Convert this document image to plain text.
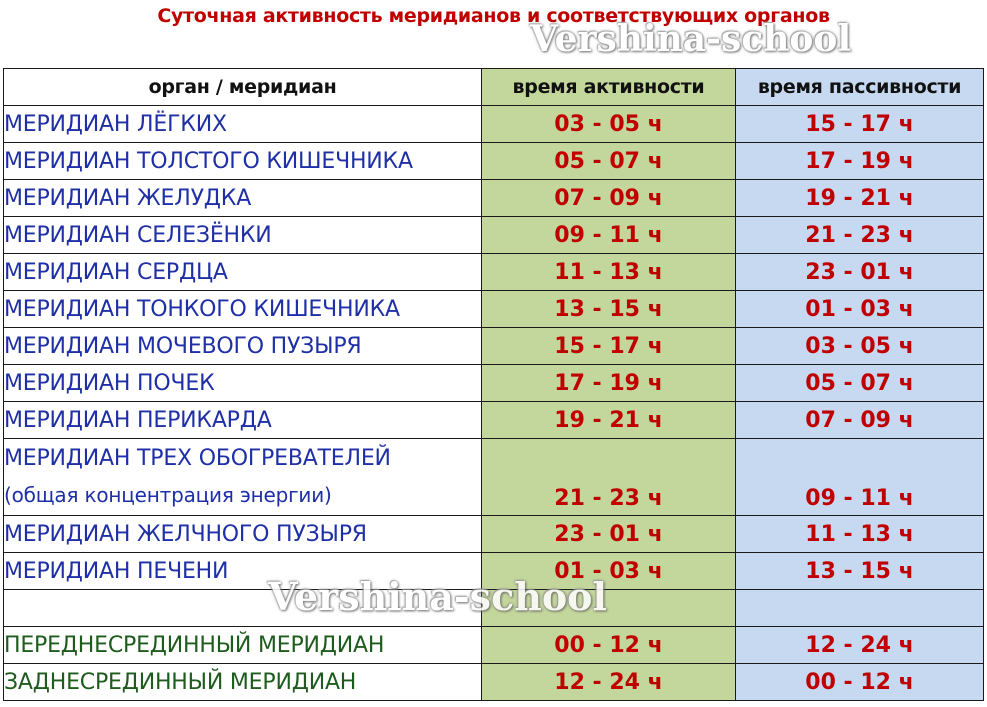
Суточная активность меридианов и соответствующих органов
Vershina-school
орган / меридиан	время активности	время пассивности
МЕРИДИАН ЛЁГКИХ	03 - 05 ч	15 - 17 ч
МЕРИДИАН ТОЛСТОГО КИШЕЧНИКА	05 - 07 ч	17 - 19 ч
МЕРИДИАН ЖЕЛУДКА	07 - 09 ч	19 - 21 ч
МЕРИДИАН СЕЛЕЗЁНКИ	09 - 11 ч	21 - 23 ч
МЕРИДИАН СЕРДЦА	11 - 13 ч	23 - 01 ч
МЕРИДИАН ТОНКОГО КИШЕЧНИКА	13 - 15 ч	01 - 03 ч
МЕРИДИАН МОЧЕВОГО ПУЗЫРЯ	15 - 17 ч	03 - 05 ч
МЕРИДИАН ПОЧЕК	17 - 19 ч	05 - 07 ч
МЕРИДИАН ПЕРИКАРДА	19 - 21 ч	07 - 09 ч
МЕРИДИАН ТРЕХ ОБОГРЕВАТЕЛЕЙ
(общая концентрация энергии)	21 - 23 ч	09 - 11 ч
МЕРИДИАН ЖЕЛЧНОГО ПУЗЫРЯ	23 - 01 ч	11 - 13 ч
МЕРИДИАН ПЕЧЕНИ	01 - 03 ч	13 - 15 ч

ПЕРЕДНЕСРЕДИННЫЙ МЕРИДИАН	00 - 12 ч	12 - 24 ч
ЗАДНЕСРЕДИННЫЙ МЕРИДИАН	12 - 24 ч	00 - 12 ч
Vershina-school
